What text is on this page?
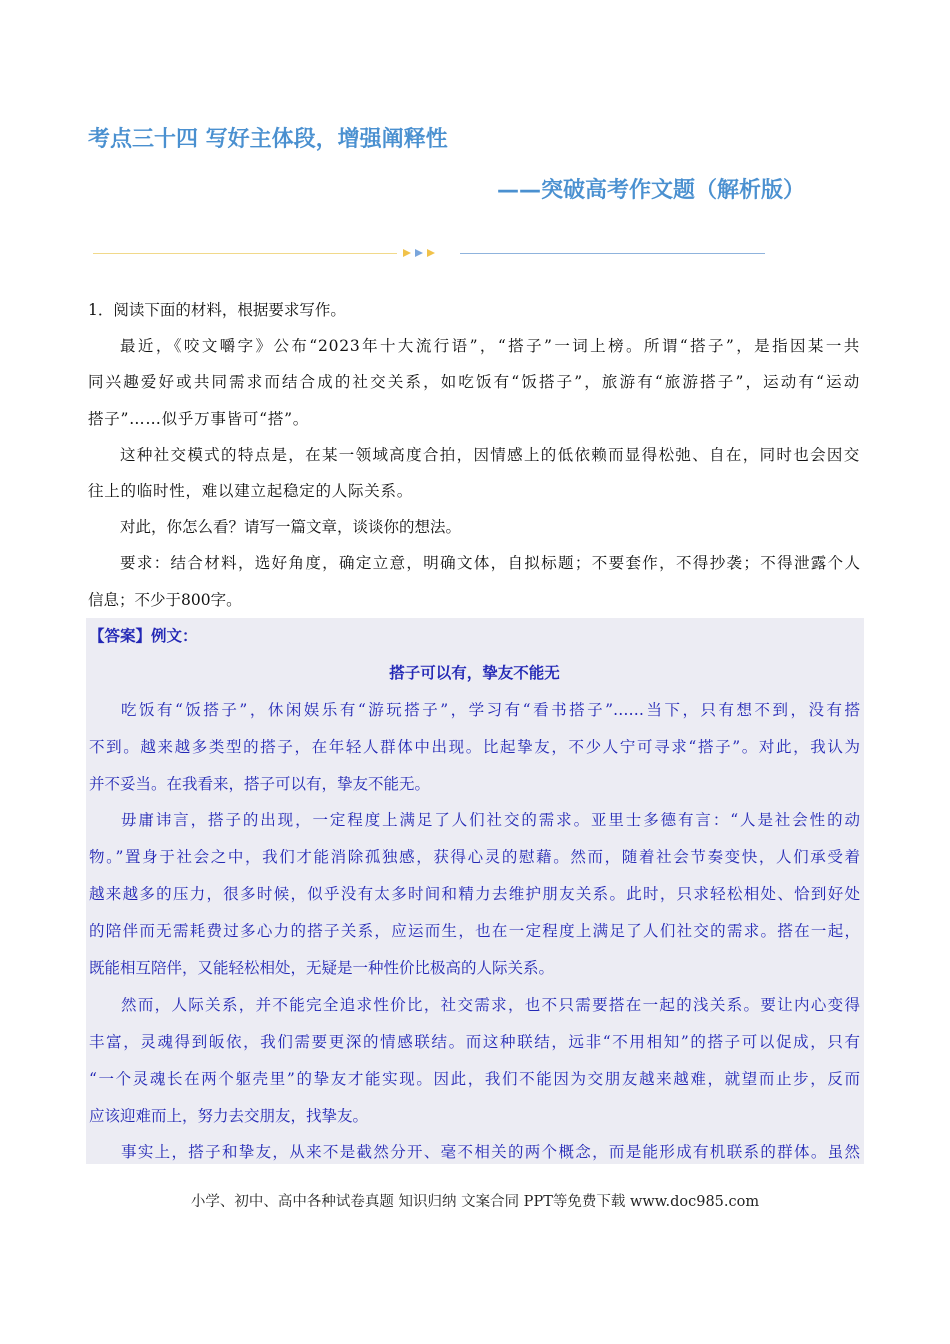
考点三十四 写好主体段，增强阐释性
——突破高考作文题（解析版）
1．阅读下面的材料，根据要求写作。
最近，《咬文嚼字》公布“2023年十大流行语”，“搭子”一词上榜。所谓“搭子”，是指因某一共
同兴趣爱好或共同需求而结合成的社交关系，如吃饭有“饭搭子”，旅游有“旅游搭子”，运动有“运动
搭子”……似乎万事皆可“搭”。
这种社交模式的特点是，在某一领域高度合拍，因情感上的低依赖而显得松弛、自在，同时也会因交
往上的临时性，难以建立起稳定的人际关系。
对此，你怎么看？请写一篇文章，谈谈你的想法。
要求：结合材料，选好角度，确定立意，明确文体，自拟标题；不要套作，不得抄袭；不得泄露个人
信息；不少于800字。
【答案】例文：
搭子可以有，挚友不能无
吃饭有“饭搭子”，休闲娱乐有“游玩搭子”，学习有“看书搭子”……当下，只有想不到，没有搭
不到。越来越多类型的搭子，在年轻人群体中出现。比起挚友，不少人宁可寻求“搭子”。对此，我认为
并不妥当。在我看来，搭子可以有，挚友不能无。
毋庸讳言，搭子的出现，一定程度上满足了人们社交的需求。亚里士多德有言：“人是社会性的动
物。”置身于社会之中，我们才能消除孤独感，获得心灵的慰藉。然而，随着社会节奏变快，人们承受着
越来越多的压力，很多时候，似乎没有太多时间和精力去维护朋友关系。此时，只求轻松相处、恰到好处
的陪伴而无需耗费过多心力的搭子关系，应运而生，也在一定程度上满足了人们社交的需求。搭在一起，
既能相互陪伴，又能轻松相处，无疑是一种性价比极高的人际关系。
然而，人际关系，并不能完全追求性价比，社交需求，也不只需要搭在一起的浅关系。要让内心变得
丰富，灵魂得到皈依，我们需要更深的情感联结。而这种联结，远非“不用相知”的搭子可以促成，只有
“一个灵魂长在两个躯壳里”的挚友才能实现。因此，我们不能因为交朋友越来越难，就望而止步，反而
应该迎难而上，努力去交朋友，找挚友。
事实上，搭子和挚友，从来不是截然分开、毫不相关的两个概念，而是能形成有机联系的群体。虽然
小学、初中、高中各种试卷真题 知识归纳 文案合同 PPT等免费下载 www.doc985.com
